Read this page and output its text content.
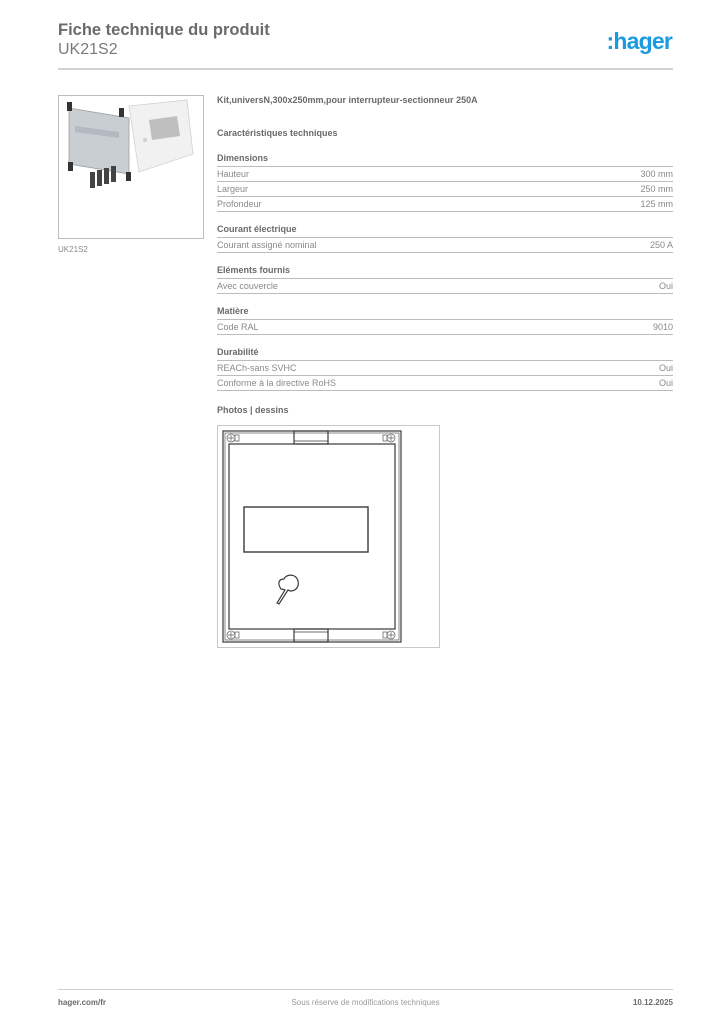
Fiche technique du produit
UK21S2	:hager
UK21S2
Kit,universN,300x250mm,pour interrupteur-sectionneur 250A
Caractéristiques techniques
Dimensions
Hauteur	300 mm
Largeur	250 mm
Profondeur	125 mm
Courant électrique
Courant assigné nominal	250 A
Eléments fournis
Avec couvercle	Oui
Matière
Code RAL	9010
Durabilité
REACh-sans SVHC	Oui
Conforme à la directive RoHS	Oui
Photos | dessins
hager.com/fr	Sous réserve de modifications techniques	10.12.2025
